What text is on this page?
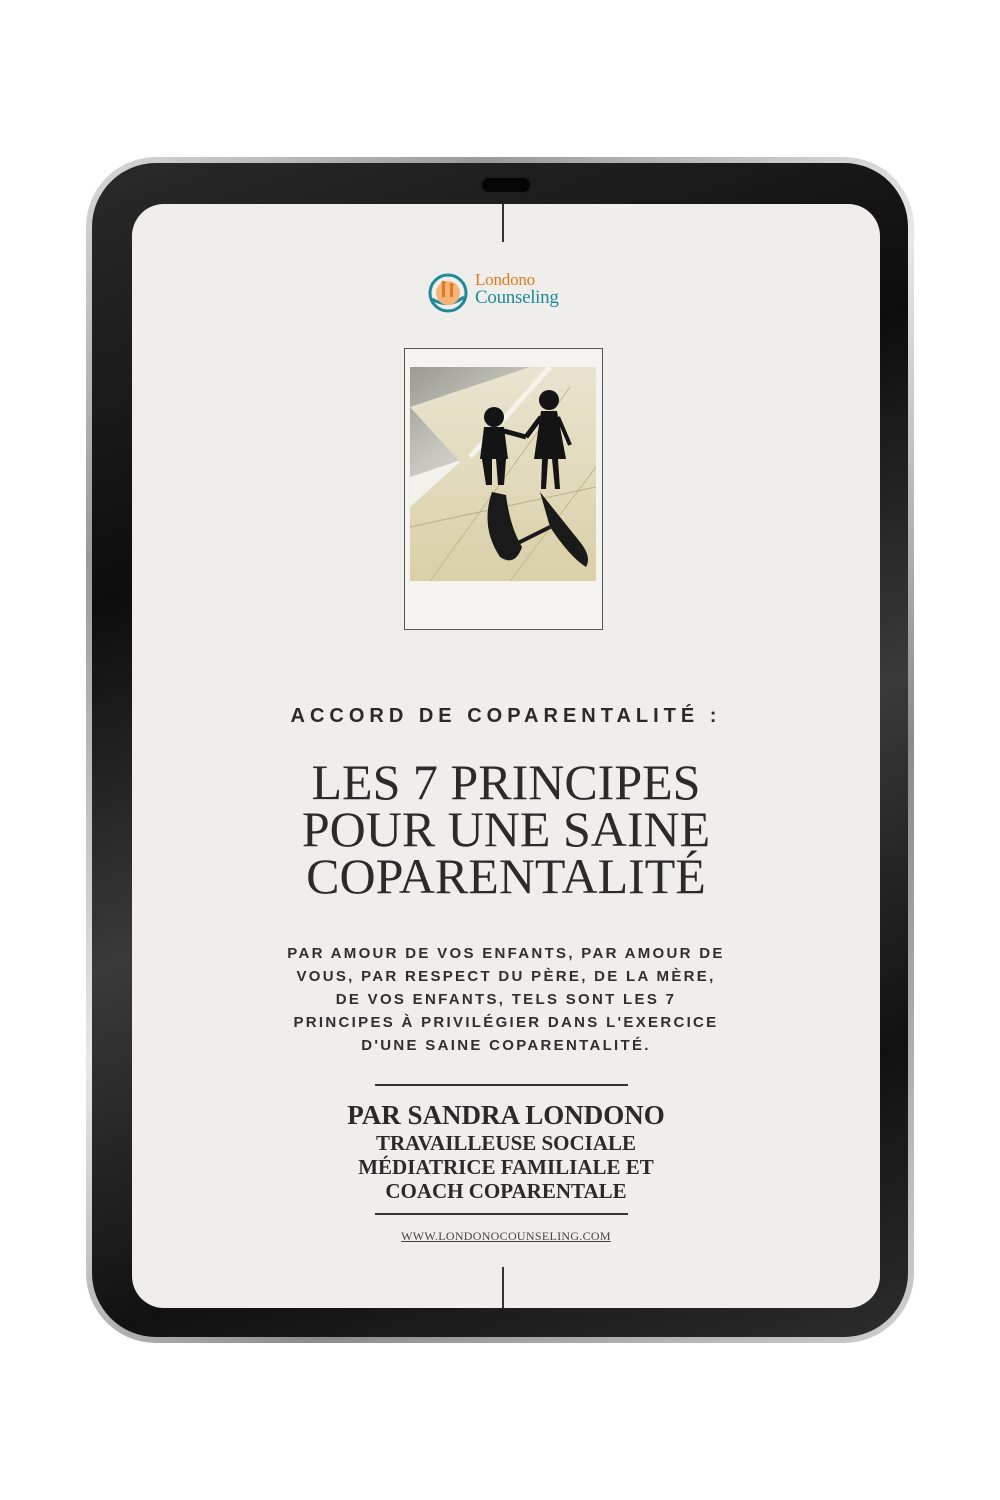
Londono
Counseling
ACCORD DE COPARENTALITÉ :
LES 7 PRINCIPES
POUR UNE SAINE
COPARENTALITÉ
PAR AMOUR DE VOS ENFANTS, PAR AMOUR DE
VOUS, PAR RESPECT DU PÈRE, DE LA MÈRE,
DE VOS ENFANTS, TELS SONT LES 7
PRINCIPES À PRIVILÉGIER DANS L'EXERCICE
D'UNE SAINE COPARENTALITÉ.
PAR SANDRA LONDONO
TRAVAILLEUSE SOCIALE
MÉDIATRICE FAMILIALE ET
COACH COPARENTALE
WWW.LONDONOCOUNSELING.COM
